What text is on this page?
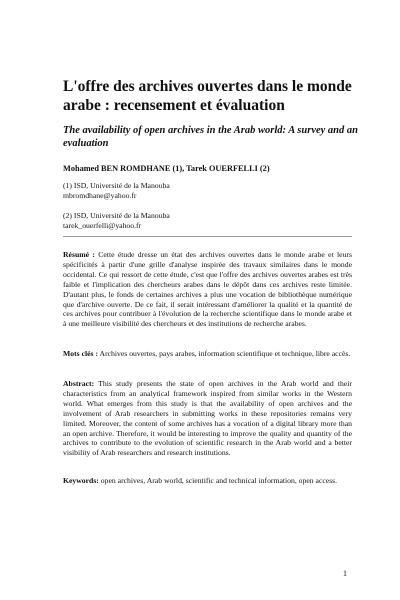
L'offre des archives ouvertes dans le monde arabe : recensement et évaluation
The availability of open archives in the Arab world: A survey and an evaluation

Mohamed BEN ROMDHANE (1), Tarek OUERFELLI (2)

(1) ISD, Université de la Manouba
mbromdhane@yahoo.fr

(2) ISD, Université de la Manouba
tarek_ouerfelli@yahoo.fr

Résumé : Cette étude dresse un état des archives ouvertes dans le monde arabe et leurs spécificités à partir d'une grille d'analyse inspirée des travaux similaires dans le monde occidental. Ce qui ressort de cette étude, c'est que l'offre des archives ouvertes arabes est très faible et l'implication des chercheurs arabes dans le dépôt dans ces archives reste limitée. D'autant plus, le fonds de certaines archives a plus une vocation de bibliothèque numérique que d'archive ouverte. De ce fait, il serait intéressant d'améliorer la qualité et la quantité de ces archives pour contribuer à l'évolution de la recherche scientifique dans le monde arabe et à une meilleure visibilité des chercheurs et des institutions de recherche arabes.

Mots clés : Archives ouvertes, pays arabes, information scientifique et technique, libre accès.

Abstract: This study presents the state of open archives in the Arab world and their characteristics from an analytical framework inspired from similar works in the Western world. What emerges from this study is that the availability of open archives and the involvement of Arab researchers in submitting works in these repositories remains very limited. Moreover, the content of some archives has a vocation of a digital library more than an open archive. Therefore, it would be interesting to improve the quality and quantity of the archives to contribute to the evolution of scientific research in the Arab world and a better visibility of Arab researchers and research institutions.

Keywords: open archives, Arab world, scientific and technical information, open access.

1
